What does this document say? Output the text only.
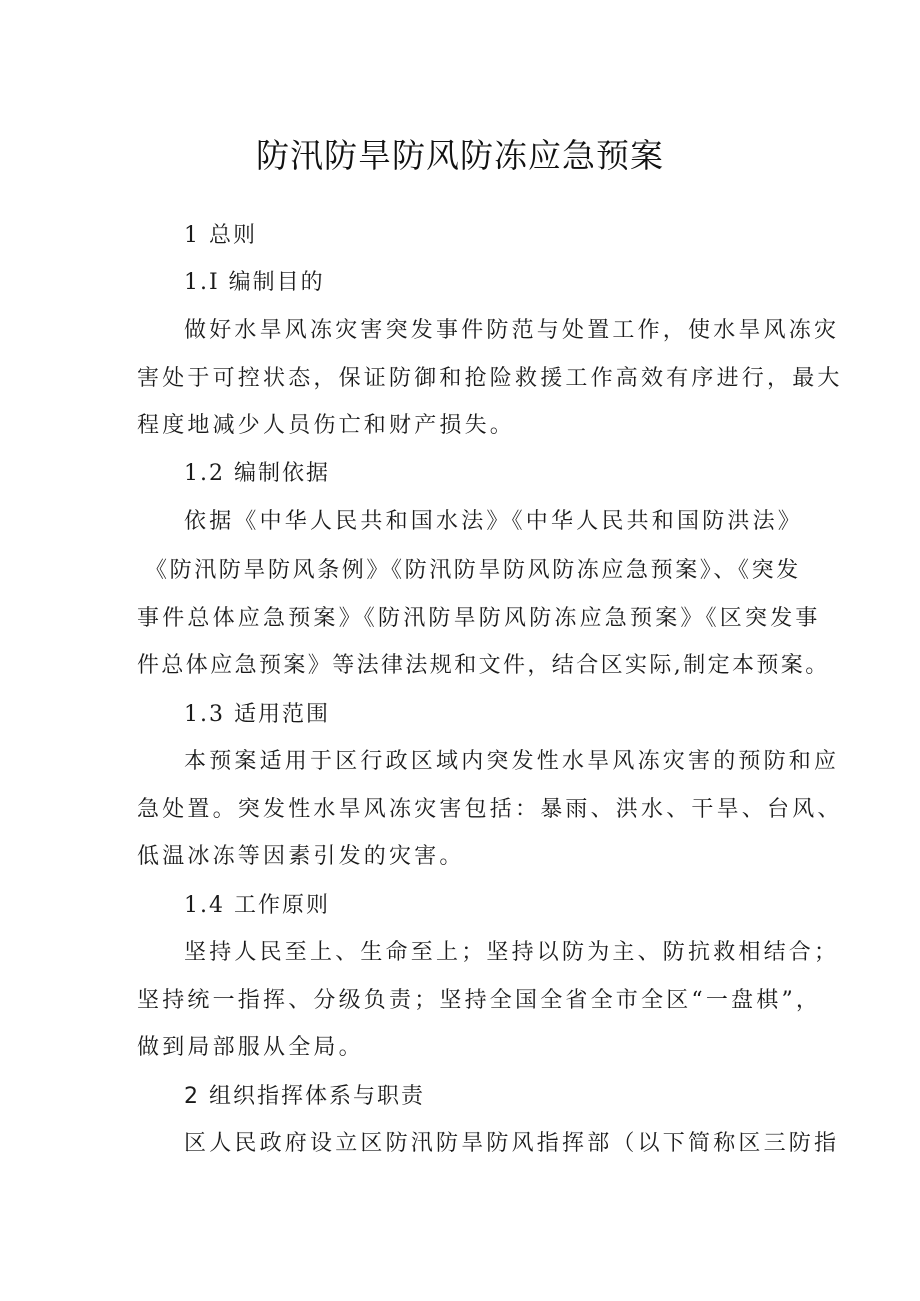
防汛防旱防风防冻应急预案
1 总则
1.I 编制目的
做好水旱风冻灾害突发事件防范与处置工作，使水旱风冻灾
害处于可控状态，保证防御和抢险救援工作高效有序进行，最大
程度地减少人员伤亡和财产损失。
1.2 编制依据
依据《中华人民共和国水法》《中华人民共和国防洪法》
《防汛防旱防风条例》《防汛防旱防风防冻应急预案》、《突发
事件总体应急预案》《防汛防旱防风防冻应急预案》《区突发事
件总体应急预案》等法律法规和文件，结合区实际,制定本预案。
1.3 适用范围
本预案适用于区行政区域内突发性水旱风冻灾害的预防和应
急处置。突发性水旱风冻灾害包括：暴雨、洪水、干旱、台风、
低温冰冻等因素引发的灾害。
1.4 工作原则
坚持人民至上、生命至上；坚持以防为主、防抗救相结合；
坚持统一指挥、分级负责；坚持全国全省全市全区“一盘棋”，
做到局部服从全局。
2 组织指挥体系与职责
区人民政府设立区防汛防旱防风指挥部（以下简称区三防指
